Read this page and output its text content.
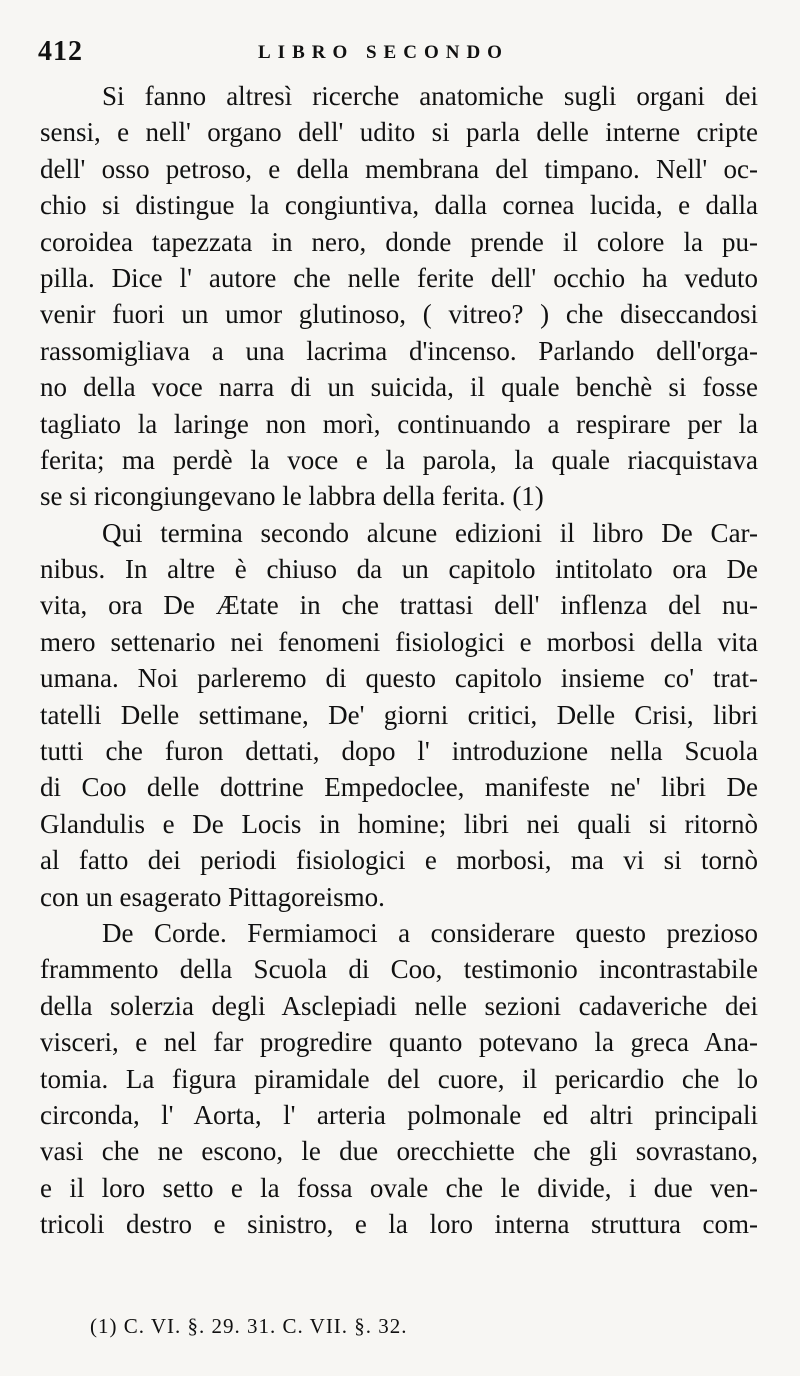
412	LIBRO SECONDO
Si fanno altresì ricerche anatomiche sugli organi dei
sensi, e nell' organo dell' udito si parla delle interne cripte
dell' osso petroso, e della membrana del timpano. Nell' oc-
chio si distingue la congiuntiva, dalla cornea lucida, e dalla
coroidea tapezzata in nero, donde prende il colore la pu-
pilla. Dice l' autore che nelle ferite dell' occhio ha veduto
venir fuori un umor glutinoso, ( vitreo? ) che diseccandosi
rassomigliava a una lacrima d'incenso. Parlando dell'orga-
no della voce narra di un suicida, il quale benchè si fosse
tagliato la laringe non morì, continuando a respirare per la
ferita; ma perdè la voce e la parola, la quale riacquistava
se si ricongiungevano le labbra della ferita. (1)
Qui termina secondo alcune edizioni il libro De Car-
nibus. In altre è chiuso da un capitolo intitolato ora De
vita, ora De Ætate in che trattasi dell' inflenza del nu-
mero settenario nei fenomeni fisiologici e morbosi della vita
umana. Noi parleremo di questo capitolo insieme co' trat-
tatelli Delle settimane, De' giorni critici, Delle Crisi, libri
tutti che furon dettati, dopo l' introduzione nella Scuola
di Coo delle dottrine Empedoclee, manifeste ne' libri De
Glandulis e De Locis in homine; libri nei quali si ritornò
al fatto dei periodi fisiologici e morbosi, ma vi si tornò
con un esagerato Pittagoreismo.
De Corde. Fermiamoci a considerare questo prezioso
frammento della Scuola di Coo, testimonio incontrastabile
della solerzia degli Asclepiadi nelle sezioni cadaveriche dei
visceri, e nel far progredire quanto potevano la greca Ana-
tomia. La figura piramidale del cuore, il pericardio che lo
circonda, l' Aorta, l' arteria polmonale ed altri principali
vasi che ne escono, le due orecchiette che gli sovrastano,
e il loro setto e la fossa ovale che le divide, i due ven-
tricoli destro e sinistro, e la loro interna struttura com-
(1) C. VI. §. 29. 31. C. VII. §. 32.
